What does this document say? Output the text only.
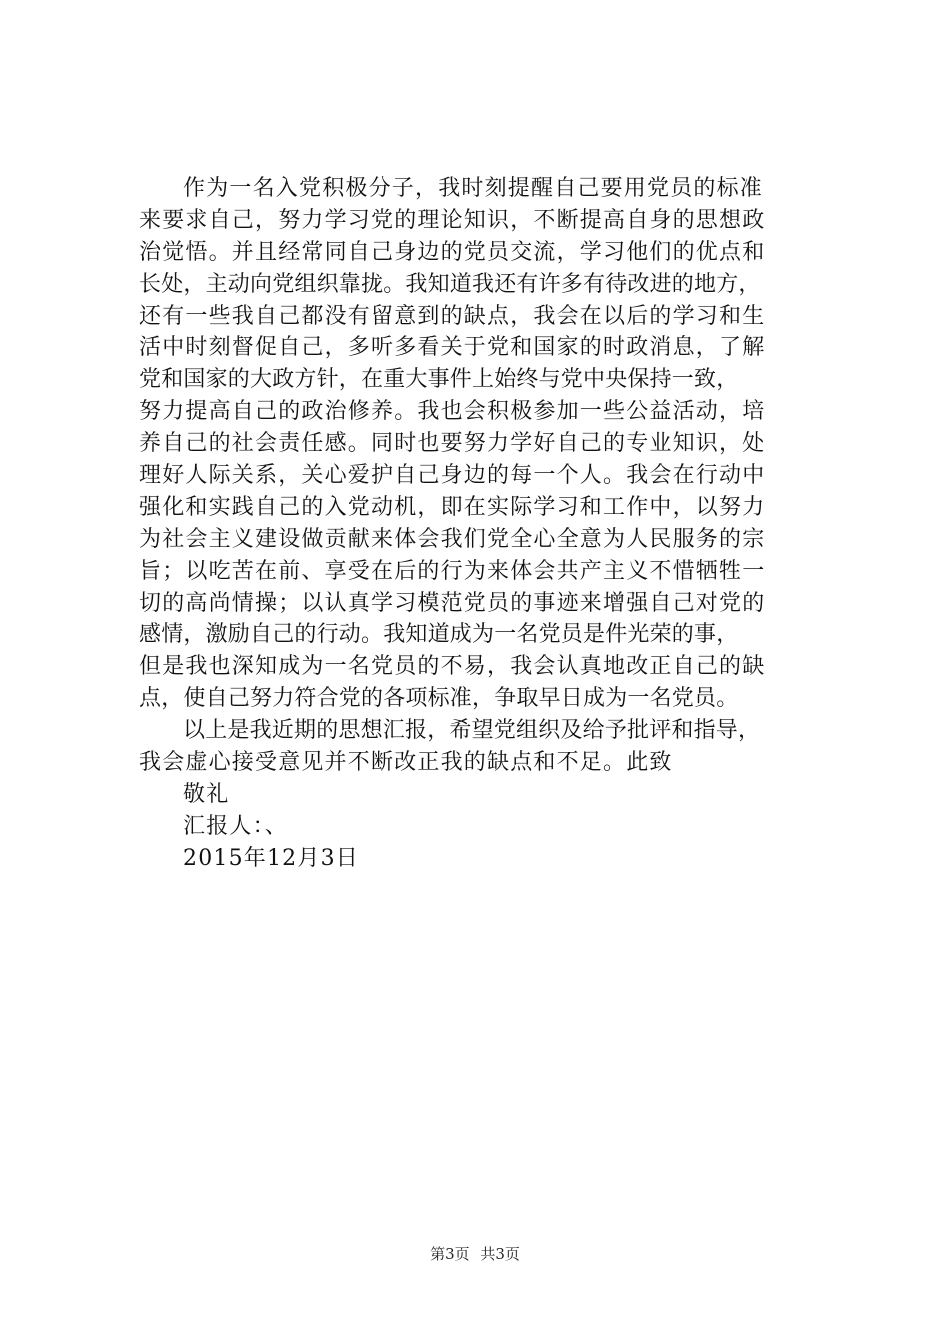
作为一名入党积极分子，我时刻提醒自己要用党员的标准
来要求自己，努力学习党的理论知识，不断提高自身的思想政
治觉悟。并且经常同自己身边的党员交流，学习他们的优点和
长处，主动向党组织靠拢。我知道我还有许多有待改进的地方，
还有一些我自己都没有留意到的缺点，我会在以后的学习和生
活中时刻督促自己，多听多看关于党和国家的时政消息，了解
党和国家的大政方针，在重大事件上始终与党中央保持一致，
努力提高自己的政治修养。我也会积极参加一些公益活动，培
养自己的社会责任感。同时也要努力学好自己的专业知识，处
理好人际关系，关心爱护自己身边的每一个人。我会在行动中
强化和实践自己的入党动机，即在实际学习和工作中，以努力
为社会主义建设做贡献来体会我们党全心全意为人民服务的宗
旨；以吃苦在前、享受在后的行为来体会共产主义不惜牺牲一
切的高尚情操；以认真学习模范党员的事迹来增强自己对党的
感情，激励自己的行动。我知道成为一名党员是件光荣的事，
但是我也深知成为一名党员的不易，我会认真地改正自己的缺
点，使自己努力符合党的各项标准，争取早日成为一名党员。
以上是我近期的思想汇报，希望党组织及给予批评和指导，
我会虚心接受意见并不断改正我的缺点和不足。此致
敬礼
汇报人：、
2015年12月3日
第3页 共3页
